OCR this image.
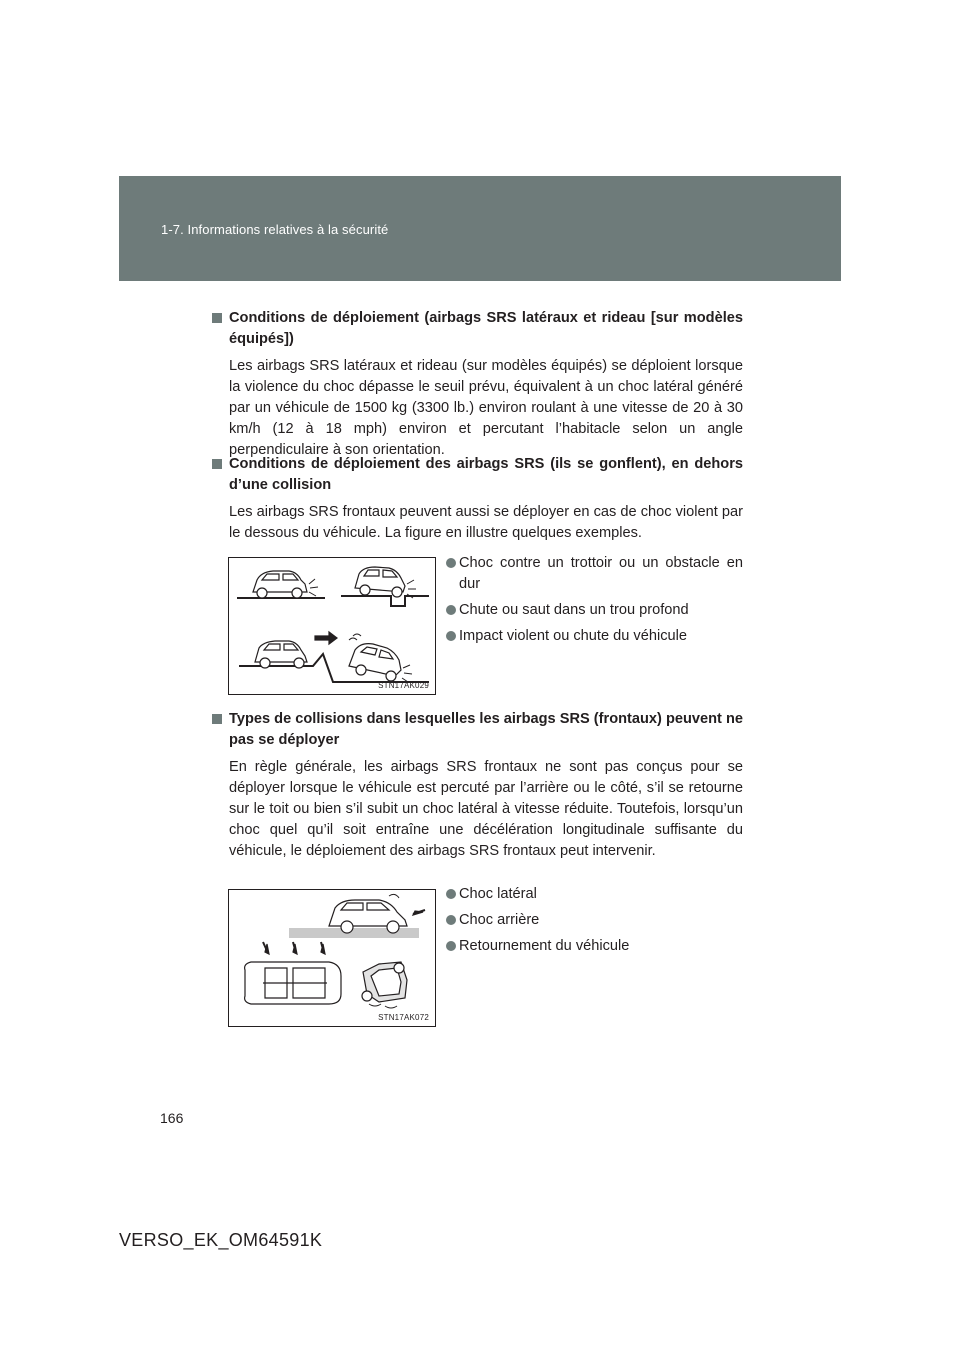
1-7. Informations relatives à la sécurité
Conditions de déploiement (airbags SRS latéraux et rideau [sur modèles équipés])
Les airbags SRS latéraux et rideau (sur modèles équipés) se déploient lorsque la violence du choc dépasse le seuil prévu, équivalent à un choc latéral généré par un véhicule de 1500 kg (3300 lb.) environ roulant à une vitesse de 20 à 30 km/h (12 à 18 mph) environ et percutant l’habitacle selon un angle perpendiculaire à son orientation.
Conditions de déploiement des airbags SRS (ils se gonflent), en dehors d’une collision
Les airbags SRS frontaux peuvent aussi se déployer en cas de choc violent par le dessous du véhicule. La figure en illustre quelques exemples.
STN17AK029
Choc contre un trottoir ou un obstacle en dur
Chute ou saut dans un trou profond
Impact violent ou chute du véhicule
Types de collisions dans lesquelles les airbags SRS (frontaux) peuvent ne pas se déployer
En règle générale, les airbags SRS frontaux ne sont pas conçus pour se déployer lorsque le véhicule est percuté par l’arrière ou le côté, s’il se retourne sur le toit ou bien s’il subit un choc latéral à vitesse réduite. Toutefois, lorsqu’un choc quel qu’il soit entraîne une décélération longitudinale suffisante du véhicule, le déploiement des airbags SRS frontaux peut intervenir.
STN17AK072
Choc latéral
Choc arrière
Retournement du véhicule
166
VERSO_EK_OM64591K
